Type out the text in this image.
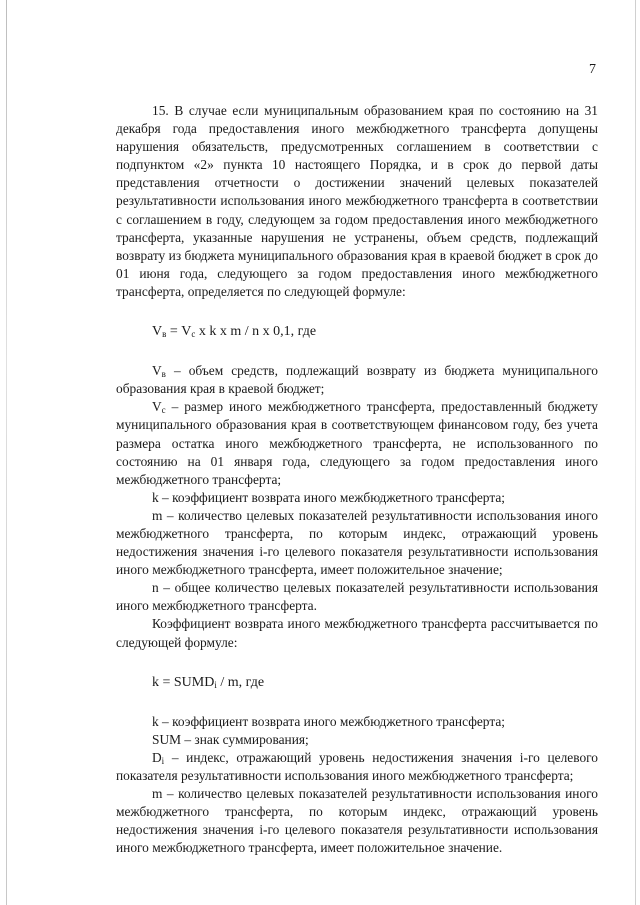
7

15. В случае если муниципальным образованием края по состоянию на 31 декабря года предоставления иного межбюджетного трансферта допущены нарушения обязательств, предусмотренных соглашением в соответствии с подпунктом «2» пункта 10 настоящего Порядка, и в срок до первой даты представления отчетности о достижении значений целевых показателей результативности использования иного межбюджетного трансферта в соответствии с соглашением в году, следующем за годом предоставления иного межбюджетного трансферта, указанные нарушения не устранены, объем средств, подлежащий возврату из бюджета муниципального образования края в краевой бюджет в срок до 01 июня года, следующего за годом предоставления иного межбюджетного трансферта, определяется по следующей формуле:

$V_в = V_с$ x k x m / n x 0,1, где

$V_в$ – объем средств, подлежащий возврату из бюджета муниципального образования края в краевой бюджет;

$V_с$ – размер иного межбюджетного трансферта, предоставленный бюджету муниципального образования края в соответствующем финансовом году, без учета размера остатка иного межбюджетного трансферта, не использованного по состоянию на 01 января года, следующего за годом предоставления иного межбюджетного трансферта;

k – коэффициент возврата иного межбюджетного трансферта;

m – количество целевых показателей результативности использования иного межбюджетного трансферта, по которым индекс, отражающий уровень недостижения значения i-го целевого показателя результативности использования иного межбюджетного трансферта, имеет положительное значение;

n – общее количество целевых показателей результативности использования иного межбюджетного трансферта.

Коэффициент возврата иного межбюджетного трансферта рассчитывается по следующей формуле:

$k = SUMD_i / m$, где

k – коэффициент возврата иного межбюджетного трансферта;

SUM – знак суммирования;

$D_i$ – индекс, отражающий уровень недостижения значения i-го целевого показателя результативности использования иного межбюджетного трансферта;

m – количество целевых показателей результативности использования иного межбюджетного трансферта, по которым индекс, отражающий уровень недостижения значения i-го целевого показателя результативности использования иного межбюджетного трансферта, имеет положительное значение.
